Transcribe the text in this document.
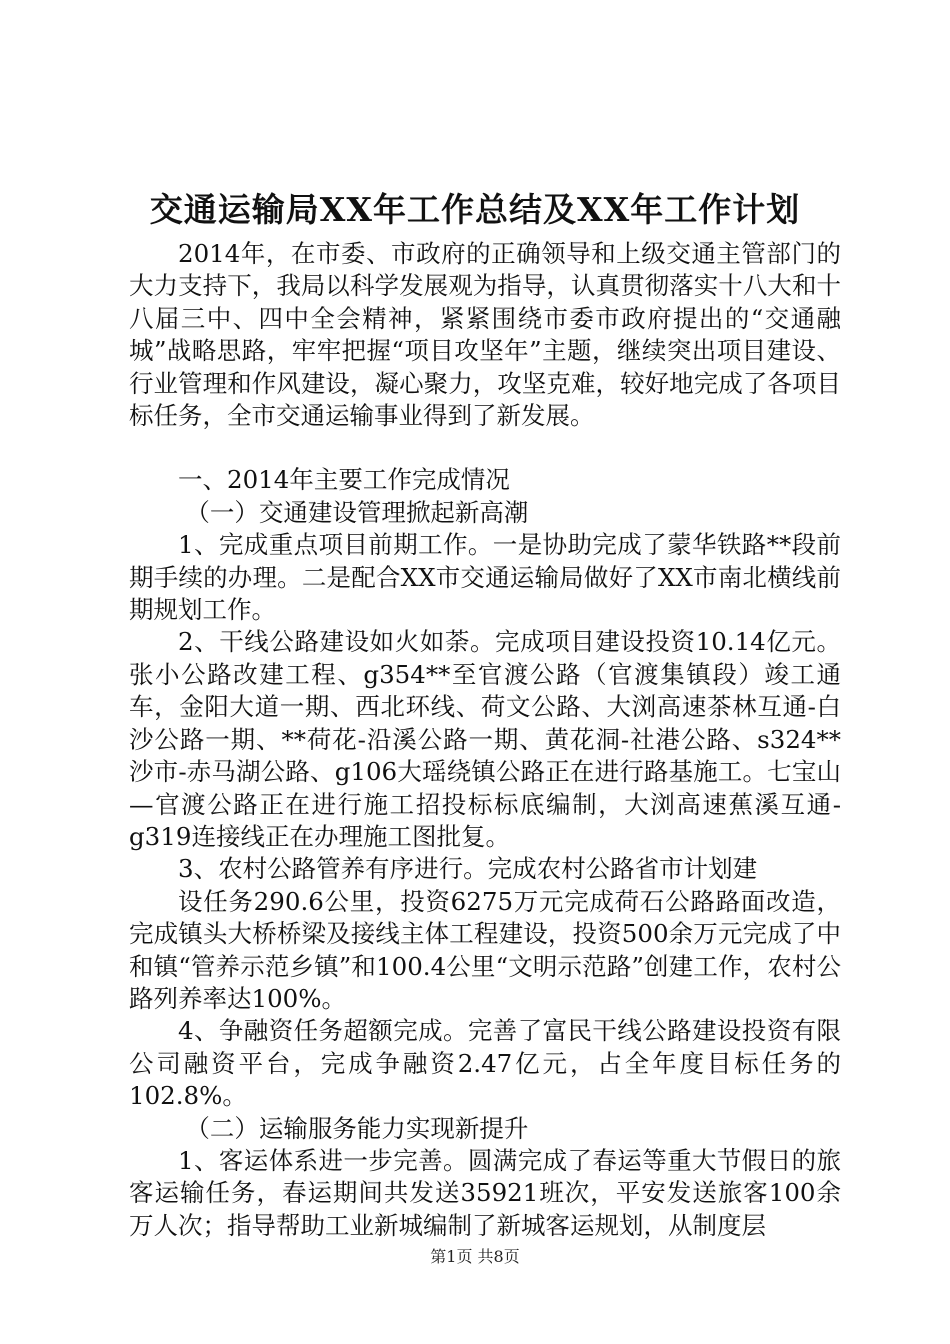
交通运输局XX年工作总结及XX年工作计划

2014年，在市委、市政府的正确领导和上级交通主管部门的大力支持下，我局以科学发展观为指导，认真贯彻落实十八大和十八届三中、四中全会精神，紧紧围绕市委市政府提出的“交通融城”战略思路，牢牢把握“项目攻坚年”主题，继续突出项目建设、行业管理和作风建设，凝心聚力，攻坚克难，较好地完成了各项目标任务，全市交通运输事业得到了新发展。

一、2014年主要工作完成情况

（一）交通建设管理掀起新高潮

1、完成重点项目前期工作。一是协助完成了蒙华铁路**段前期手续的办理。二是配合XX市交通运输局做好了XX市南北横线前期规划工作。

2、干线公路建设如火如荼。完成项目建设投资10.14亿元。张小公路改建工程、g354**至官渡公路（官渡集镇段）竣工通车，金阳大道一期、西北环线、荷文公路、大浏高速茶林互通-白沙公路一期、**荷花-沿溪公路一期、黄花洞-社港公路、s324**沙市-赤马湖公路、g106大瑶绕镇公路正在进行路基施工。七宝山—官渡公路正在进行施工招投标标底编制，大浏高速蕉溪互通-g319连接线正在办理施工图批复。

3、农村公路管养有序进行。完成农村公路省市计划建

设任务290.6公里，投资6275万元完成荷石公路路面改造，完成镇头大桥桥梁及接线主体工程建设，投资500余万元完成了中和镇“管养示范乡镇”和100.4公里“文明示范路”创建工作，农村公路列养率达100%。

4、争融资任务超额完成。完善了富民干线公路建设投资有限公司融资平台，完成争融资2.47亿元，占全年度目标任务的102.8%。

（二）运输服务能力实现新提升

1、客运体系进一步完善。圆满完成了春运等重大节假日的旅客运输任务，春运期间共发送35921班次，平安发送旅客100余万人次；指导帮助工业新城编制了新城客运规划，从制度层

第1页 共8页
